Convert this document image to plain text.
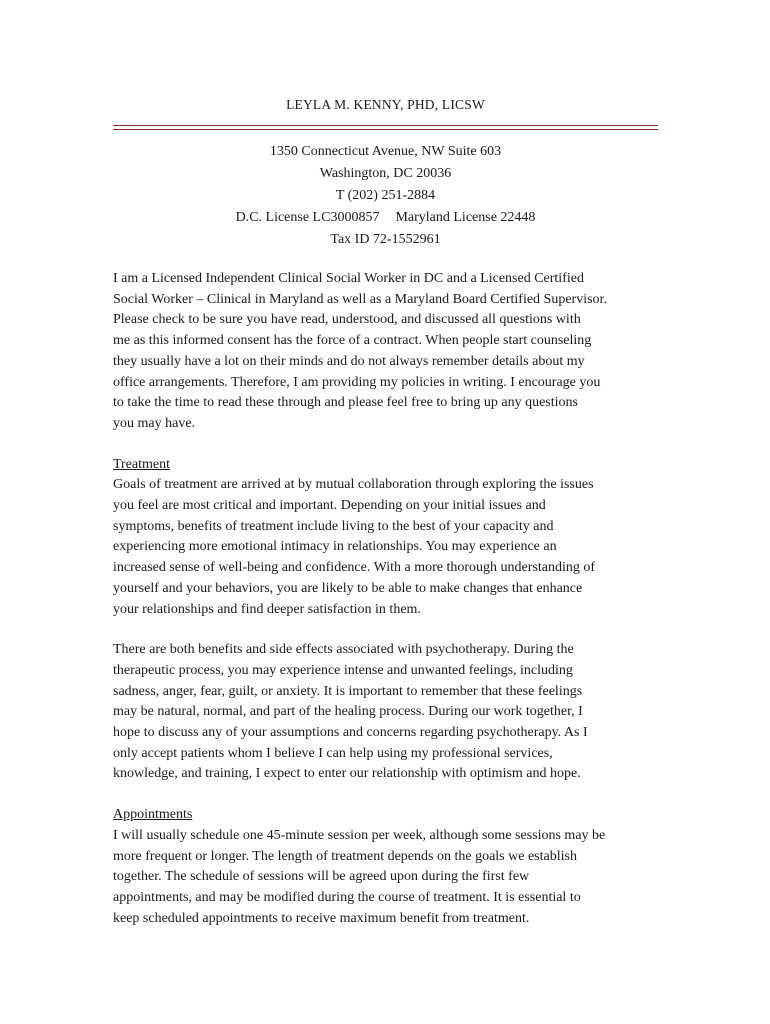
LEYLA M. KENNY, PHD, LICSW
1350 Connecticut Avenue, NW Suite 603
Washington, DC 20036
T (202) 251-2884
D.C. License LC3000857 Maryland License 22448
Tax ID 72-1552961
I am a Licensed Independent Clinical Social Worker in DC and a Licensed Certified
Social Worker – Clinical in Maryland as well as a Maryland Board Certified Supervisor.
Please check to be sure you have read, understood, and discussed all questions with
me as this informed consent has the force of a contract. When people start counseling
they usually have a lot on their minds and do not always remember details about my
office arrangements. Therefore, I am providing my policies in writing. I encourage you
to take the time to read these through and please feel free to bring up any questions
you may have.
Treatment
Goals of treatment are arrived at by mutual collaboration through exploring the issues
you feel are most critical and important. Depending on your initial issues and
symptoms, benefits of treatment include living to the best of your capacity and
experiencing more emotional intimacy in relationships. You may experience an
increased sense of well-being and confidence. With a more thorough understanding of
yourself and your behaviors, you are likely to be able to make changes that enhance
your relationships and find deeper satisfaction in them.
There are both benefits and side effects associated with psychotherapy. During the
therapeutic process, you may experience intense and unwanted feelings, including
sadness, anger, fear, guilt, or anxiety. It is important to remember that these feelings
may be natural, normal, and part of the healing process. During our work together, I
hope to discuss any of your assumptions and concerns regarding psychotherapy. As I
only accept patients whom I believe I can help using my professional services,
knowledge, and training, I expect to enter our relationship with optimism and hope.
Appointments
I will usually schedule one 45-minute session per week, although some sessions may be
more frequent or longer. The length of treatment depends on the goals we establish
together. The schedule of sessions will be agreed upon during the first few
appointments, and may be modified during the course of treatment. It is essential to
keep scheduled appointments to receive maximum benefit from treatment.
